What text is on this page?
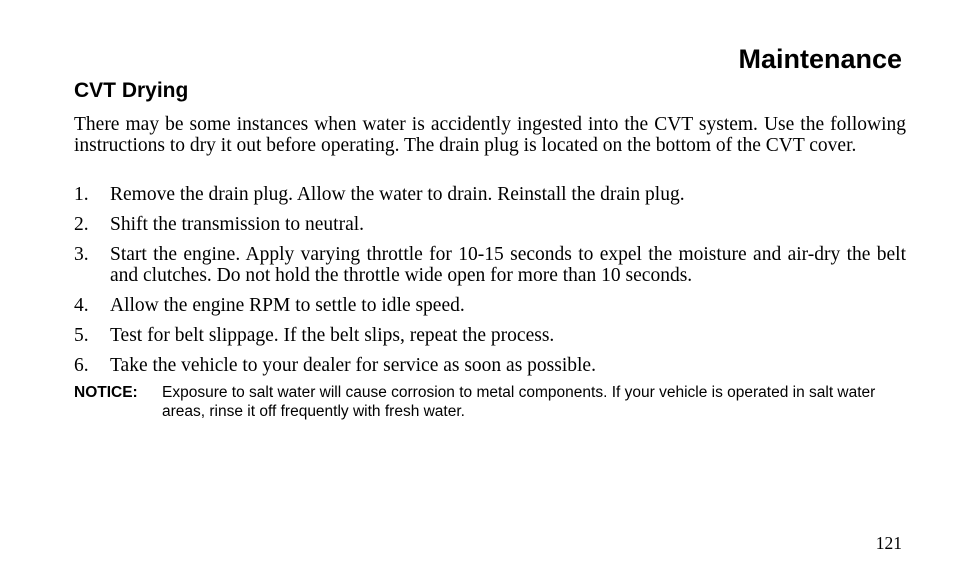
Maintenance
CVT Drying
There may be some instances when water is accidently ingested into the CVT system. Use the following instructions to dry it out before operating. The drain plug is located on the bottom of the CVT cover.
1.	Remove the drain plug. Allow the water to drain. Reinstall the drain plug.
2.	Shift the transmission to neutral.
3.	Start the engine. Apply varying throttle for 10-15 seconds to expel the moisture and air-dry the belt and clutches. Do not hold the throttle wide open for more than 10 seconds.
4.	Allow the engine RPM to settle to idle speed.
5.	Test for belt slippage. If the belt slips, repeat the process.
6.	Take the vehicle to your dealer for service as soon as possible.
NOTICE:	Exposure to salt water will cause corrosion to metal components. If your vehicle is operated in salt water areas, rinse it off frequently with fresh water.
121
